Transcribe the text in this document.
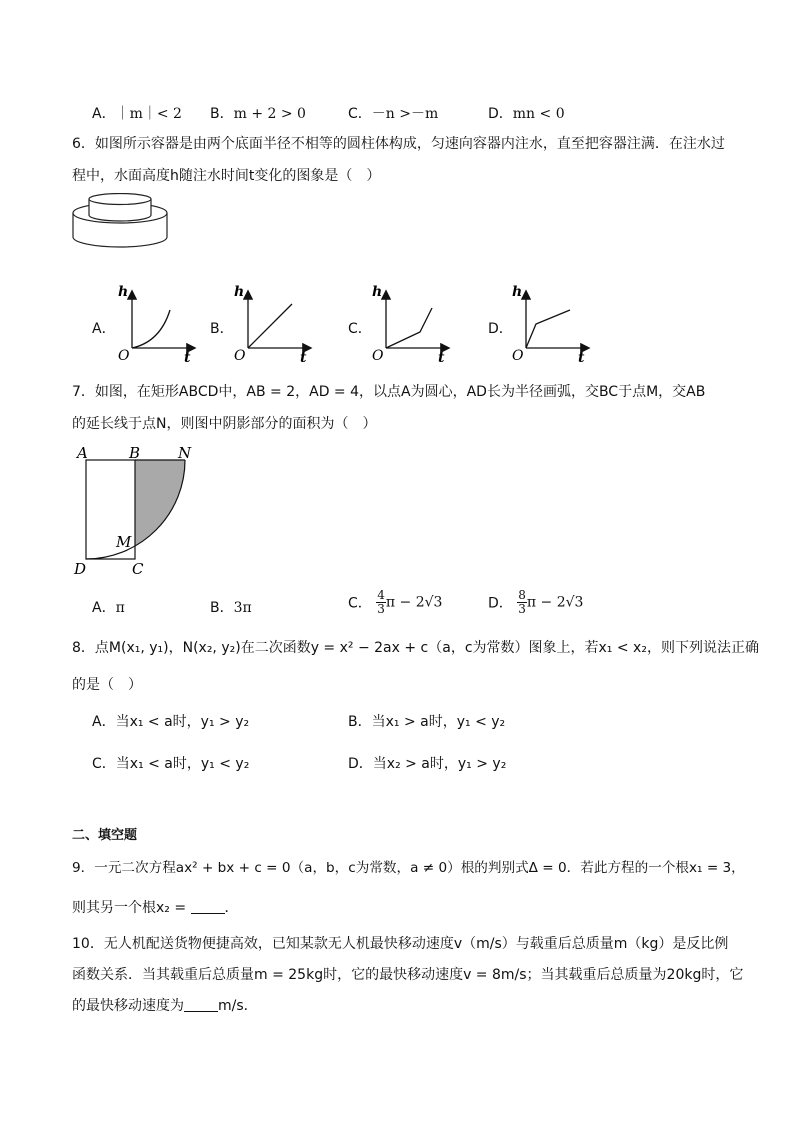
A．｜m｜< 2 B．m + 2 > 0	C．－n >－m	D．mn < 0
6．如图所示容器是由两个底面半径不相等的圆柱体构成，匀速向容器内注水，直至把容器注满．在注水过
程中，水面高度h随注水时间t变化的图象是（　）
A．
h
O	t
B．
h
O	t
C．
h
O	t
D．
h
O	t
7．如图，在矩形ABCD中，AB = 2，AD = 4，以点A为圆心，AD长为半径画弧，交BC于点M，交AB
的延长线于点N，则图中阴影部分的面积为（　）
A	B	N
M
D	C
A．π	B．3π	C． $\frac{4}{3}$ π − 2√3	D． $\frac{8}{3}$ π − 2√3
8．点M(x₁, y₁)，N(x₂, y₂)在二次函数y = x² − 2ax + c（a，c为常数）图象上，若x₁ < x₂，则下列说法正确
的是（　）
A．当x₁ < a时，y₁ > y₂	B．当x₁ > a时，y₁ < y₂
C．当x₁ < a时，y₁ < y₂	D．当x₂ > a时，y₁ > y₂
二、填空题
9．一元二次方程ax² + bx + c = 0（a，b，c为常数，a ≠ 0）根的判别式Δ = 0．若此方程的一个根x₁ = 3，
则其另一个根x₂ = ．
10．无人机配送货物便捷高效，已知某款无人机最快移动速度v（m/s）与载重后总质量m（kg）是反比例
函数关系．当其载重后总质量m = 25kg时，它的最快移动速度v = 8m/s；当其载重后总质量为20kg时，它
的最快移动速度为 m/s．
